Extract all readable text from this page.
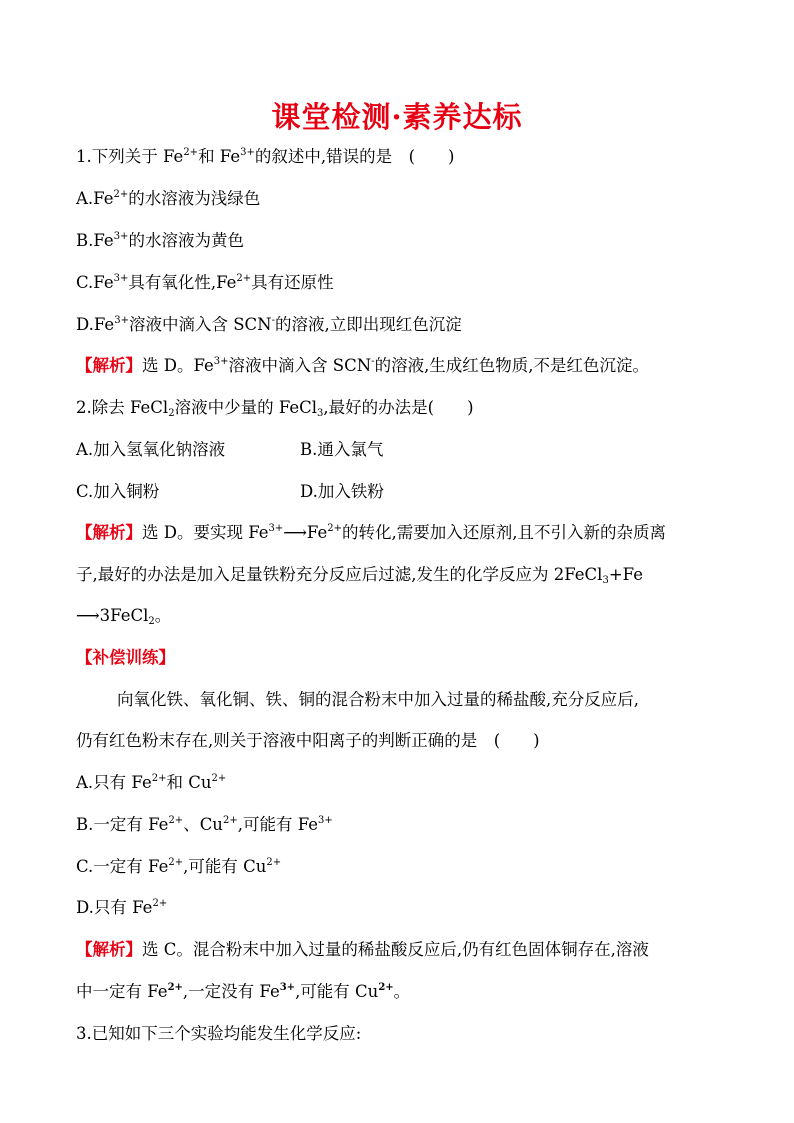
课堂检测·素养达标
1.下列关于 $Fe^{2+}$和 $Fe^{3+}$的叙述中,错误的是　(　　)
$A.Fe^{2+}$的水溶液为浅绿色
$B.Fe^{3+}$的水溶液为黄色
$C.Fe^{3+}$具有氧化性$,Fe^{2+}$具有还原性
$D.Fe^{3+}$溶液中滴入含 SCN-的溶液,立即出现红色沉淀
【解析】选 D。$Fe^{3+}$溶液中滴入含 SCN-的溶液,生成红色物质,不是红色沉淀。
2.除去 FeCl$_2$溶液中少量的 FeCl$_3$,最好的办法是(　　)
A.加入氢氧化钠溶液	B.通入氯气
C.加入铜粉	D.加入铁粉
【解析】选 D。要实现 $Fe^{3+}⟶Fe^{2+}$的转化,需要加入还原剂,且不引入新的杂质离
子,最好的办法是加入足量铁粉充分反应后过滤,发生的化学反应为 2FeCl$_3$+Fe
⟶3FeCl$_2$。
【补偿训练】
向氧化铁、氧化铜、铁、铜的混合粉末中加入过量的稀盐酸,充分反应后,
仍有红色粉末存在,则关于溶液中阳离子的判断正确的是　(　　)
A.只有 $Fe^{2+}$和 $Cu^{2+}$
B.一定有 $Fe^{2+}$、$Cu^{2+}$,可能有 $Fe^{3+}$
C.一定有 $Fe^{2+}$,可能有 $Cu^{2+}$
D.只有 $Fe^{2+}$
【解析】选 C。混合粉末中加入过量的稀盐酸反应后,仍有红色固体铜存在,溶液
中一定有 $Fe^{2+}$,一定没有 $Fe^{3+}$,可能有 $Cu^{2+}$。
3.已知如下三个实验均能发生化学反应:
